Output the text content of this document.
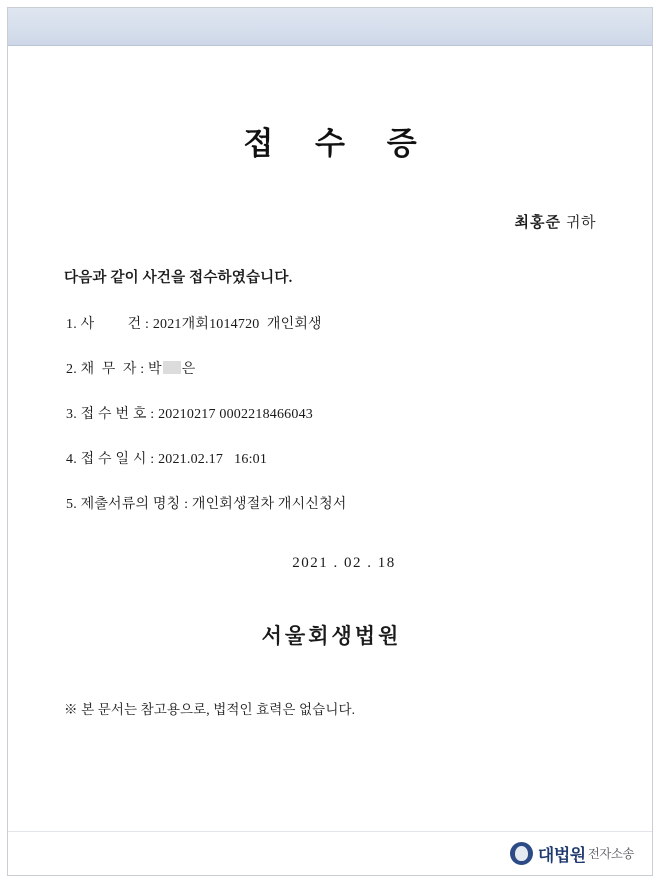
접 수 증
최홍준 귀하
다음과 같이 사건을 접수하였습니다.
1. 사         건 : 2021개회1014720  개인회생
2. 채  무  자 : 박 은
3. 접 수 번 호 : 20210217 0002218466043
4. 접 수 일 시 : 2021.02.17   16:01
5. 제출서류의 명칭 : 개인회생절차 개시신청서
2021 . 02 . 18
서울회생법원
※ 본 문서는 참고용으로, 법적인 효력은 없습니다.
대법원 전자소송
